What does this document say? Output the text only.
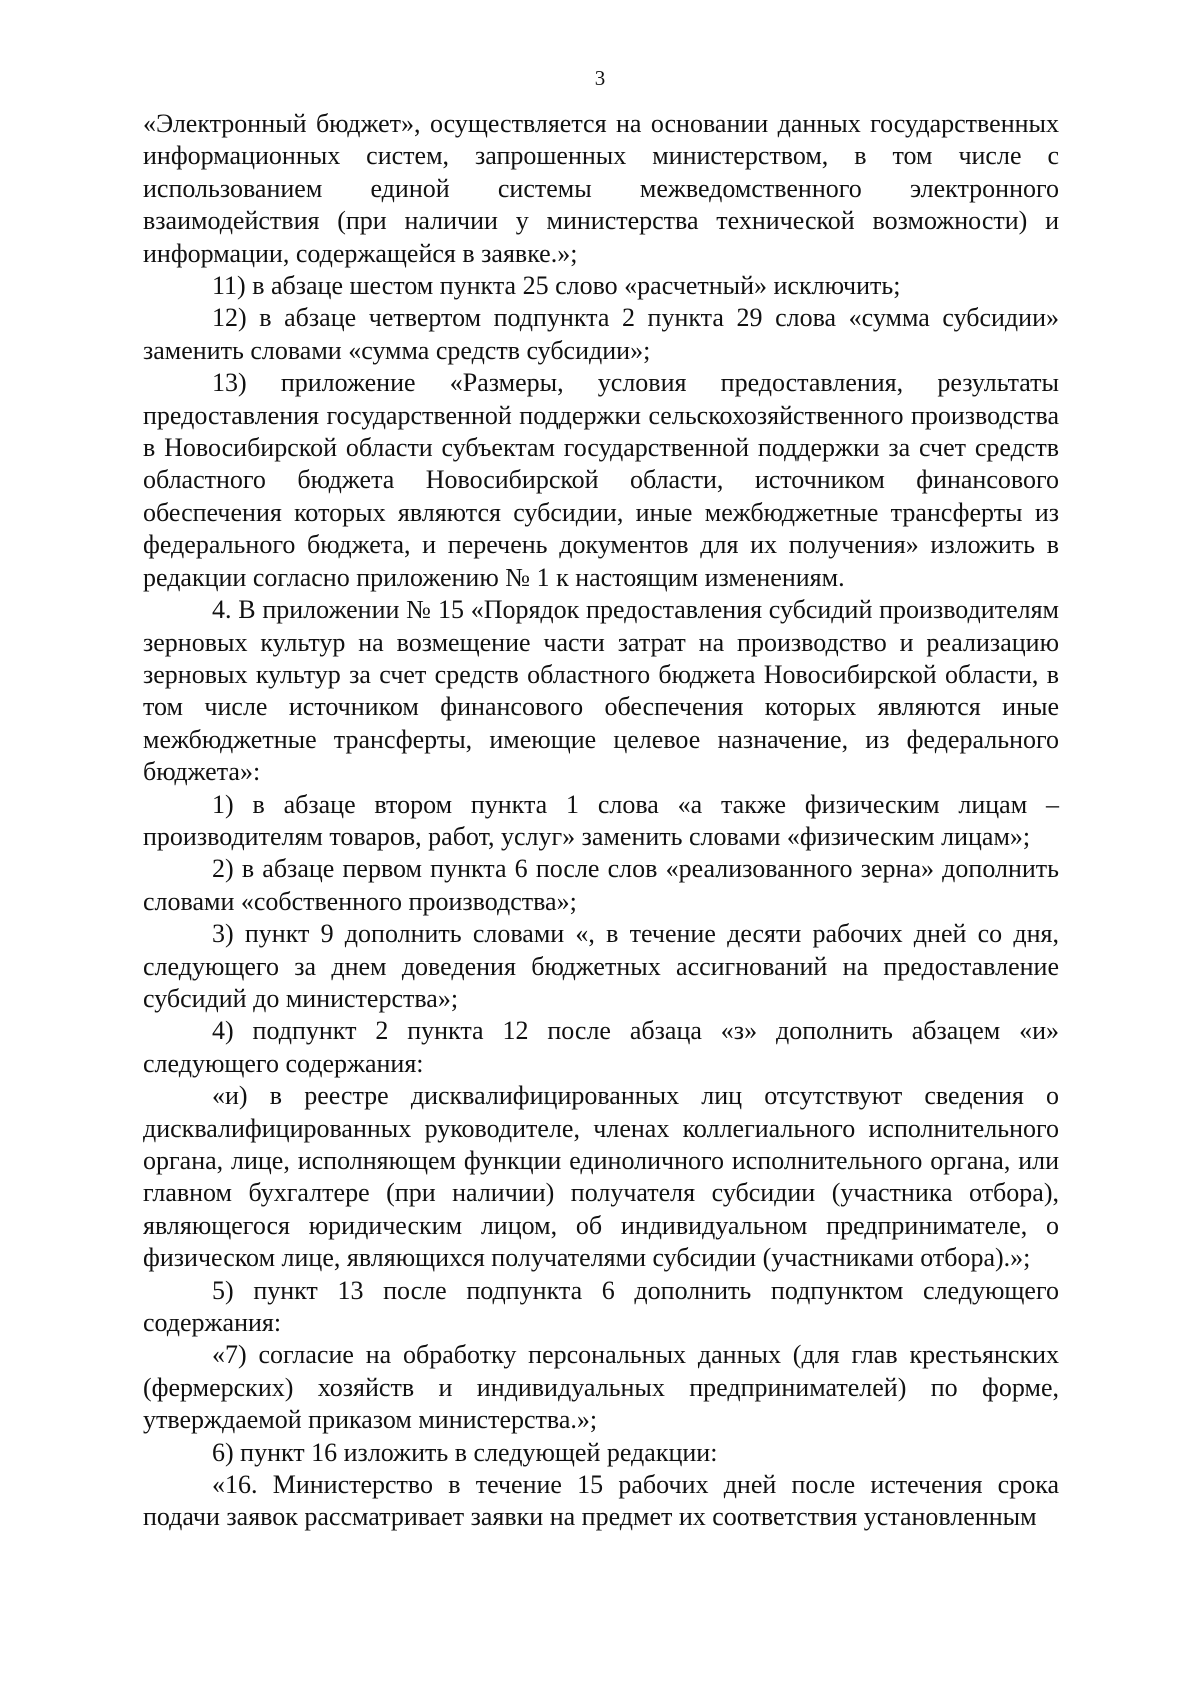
3

«Электронный бюджет», осуществляется на основании данных государственных информационных систем, запрошенных министерством, в том числе с использованием единой системы межведомственного электронного взаимодействия (при наличии у министерства технической возможности) и информации, содержащейся в заявке.»;

11) в абзаце шестом пункта 25 слово «расчетный» исключить;

12) в абзаце четвертом подпункта 2 пункта 29 слова «сумма субсидии» заменить словами «сумма средств субсидии»;

13) приложение «Размеры, условия предоставления, результаты предоставления государственной поддержки сельскохозяйственного производства в Новосибирской области субъектам государственной поддержки за счет средств областного бюджета Новосибирской области, источником финансового обеспечения которых являются субсидии, иные межбюджетные трансферты из федерального бюджета, и перечень документов для их получения» изложить в редакции согласно приложению № 1 к настоящим изменениям.

4. В приложении № 15 «Порядок предоставления субсидий производителям зерновых культур на возмещение части затрат на производство и реализацию зерновых культур за счет средств областного бюджета Новосибирской области, в том числе источником финансового обеспечения которых являются иные межбюджетные трансферты, имеющие целевое назначение, из федерального бюджета»:

1) в абзаце втором пункта 1 слова «а также физическим лицам – производителям товаров, работ, услуг» заменить словами «физическим лицам»;

2) в абзаце первом пункта 6 после слов «реализованного зерна» дополнить словами «собственного производства»;

3) пункт 9 дополнить словами «, в течение десяти рабочих дней со дня, следующего за днем доведения бюджетных ассигнований на предоставление субсидий до министерства»;

4) подпункт 2 пункта 12 после абзаца «з» дополнить абзацем «и» следующего содержания:

«и) в реестре дисквалифицированных лиц отсутствуют сведения о дисквалифицированных руководителе, членах коллегиального исполнительного органа, лице, исполняющем функции единоличного исполнительного органа, или главном бухгалтере (при наличии) получателя субсидии (участника отбора), являющегося юридическим лицом, об индивидуальном предпринимателе, о физическом лице, являющихся получателями субсидии (участниками отбора).»;

5) пункт 13 после подпункта 6 дополнить подпунктом следующего содержания:

«7) согласие на обработку персональных данных (для глав крестьянских (фермерских) хозяйств и индивидуальных предпринимателей) по форме, утверждаемой приказом министерства.»;

6) пункт 16 изложить в следующей редакции:

«16. Министерство в течение 15 рабочих дней после истечения срока подачи заявок рассматривает заявки на предмет их соответствия установленным
